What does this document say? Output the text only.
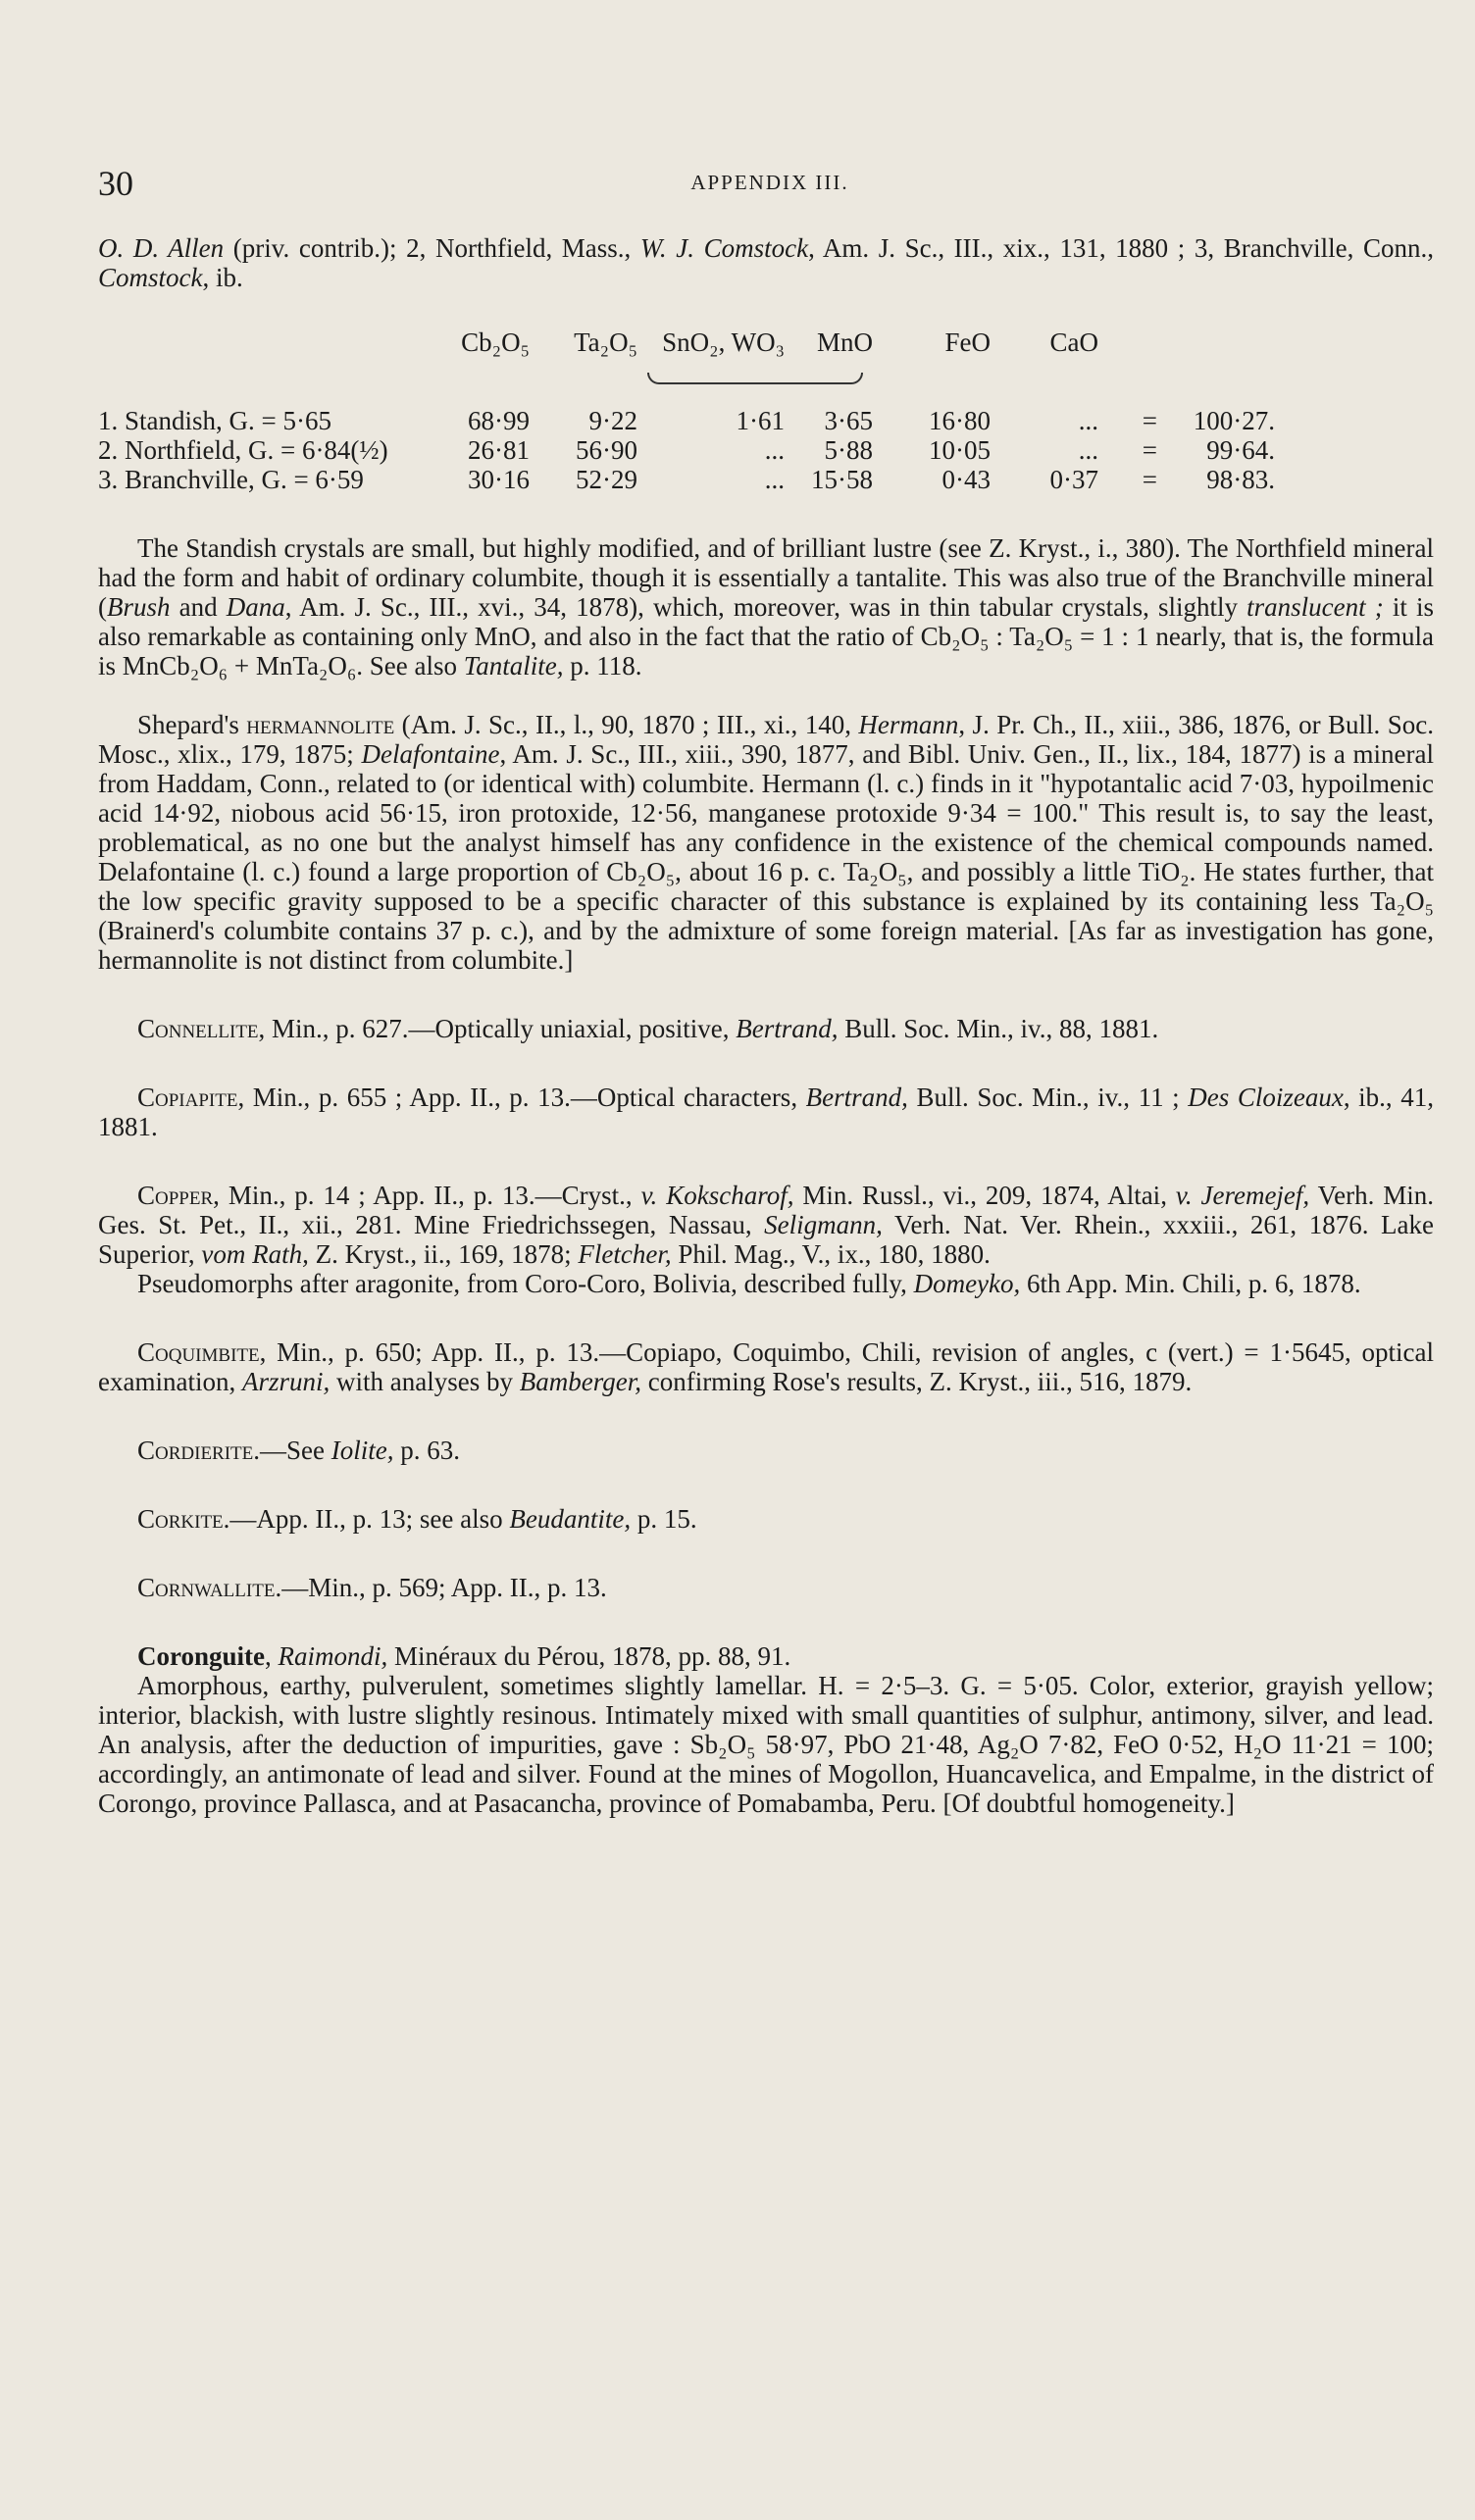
30	APPENDIX III.

O. D. Allen (priv. contrib.); 2, Northfield, Mass., W. J. Comstock, Am. J. Sc., III., xix., 131, 1880 ; 3, Branchville, Conn., Comstock, ib.

	Cb₂O₅	Ta₂O₅	SnO₂, WO₃	MnO	FeO	CaO		

1. Standish, G. = 5·65	68·99	9·22	1·61	3·65	16·80	...	=	100·27.
2. Northfield, G. = 6·84(½)	26·81	56·90	...	5·88	10·05	...	=	99·64.
3. Branchville, G. = 6·59	30·16	52·29	...	15·58	0·43	0·37	=	98·83.

The Standish crystals are small, but highly modified, and of brilliant lustre (see Z. Kryst., i., 380). The Northfield mineral had the form and habit of ordinary columbite, though it is essentially a tantalite. This was also true of the Branchville mineral (Brush and Dana, Am. J. Sc., III., xvi., 34, 1878), which, moreover, was in thin tabular crystals, slightly translucent ; it is also remarkable as containing only MnO, and also in the fact that the ratio of Cb₂O₅ : Ta₂O₅ = 1 : 1 nearly, that is, the formula is MnCb₂O₆ + MnTa₂O₆. See also Tantalite, p. 118.

Shepard's hermannolite (Am. J. Sc., II., l., 90, 1870 ; III., xi., 140, Hermann, J. Pr. Ch., II., xiii., 386, 1876, or Bull. Soc. Mosc., xlix., 179, 1875; Delafontaine, Am. J. Sc., III., xiii., 390, 1877, and Bibl. Univ. Gen., II., lix., 184, 1877) is a mineral from Haddam, Conn., related to (or identical with) columbite. Hermann (l. c.) finds in it "hypotantalic acid 7·03, hypoilmenic acid 14·92, niobous acid 56·15, iron protoxide, 12·56, manganese protoxide 9·34 = 100." This result is, to say the least, problematical, as no one but the analyst himself has any confidence in the existence of the chemical compounds named. Delafontaine (l. c.) found a large proportion of Cb₂O₅, about 16 p. c. Ta₂O₅, and possibly a little TiO₂. He states further, that the low specific gravity supposed to be a specific character of this substance is explained by its containing less Ta₂O₅ (Brainerd's columbite contains 37 p. c.), and by the admixture of some foreign material. [As far as investigation has gone, hermannolite is not distinct from columbite.]

Connellite, Min., p. 627.—Optically uniaxial, positive, Bertrand, Bull. Soc. Min., iv., 88, 1881.

Copiapite, Min., p. 655 ; App. II., p. 13.—Optical characters, Bertrand, Bull. Soc. Min., iv., 11 ; Des Cloizeaux, ib., 41, 1881.

Copper, Min., p. 14 ; App. II., p. 13.—Cryst., v. Kokscharof, Min. Russl., vi., 209, 1874, Altai, v. Jeremejef, Verh. Min. Ges. St. Pet., II., xii., 281. Mine Friedrichssegen, Nassau, Seligmann, Verh. Nat. Ver. Rhein., xxxiii., 261, 1876. Lake Superior, vom Rath, Z. Kryst., ii., 169, 1878; Fletcher, Phil. Mag., V., ix., 180, 1880.

Pseudomorphs after aragonite, from Coro-Coro, Bolivia, described fully, Domeyko, 6th App. Min. Chili, p. 6, 1878.

Coquimbite, Min., p. 650; App. II., p. 13.—Copiapo, Coquimbo, Chili, revision of angles, c (vert.) = 1·5645, optical examination, Arzruni, with analyses by Bamberger, confirming Rose's results, Z. Kryst., iii., 516, 1879.

Cordierite.—See Iolite, p. 63.

Corkite.—App. II., p. 13; see also Beudantite, p. 15.

Cornwallite.—Min., p. 569; App. II., p. 13.

Coronguite, Raimondi, Minéraux du Pérou, 1878, pp. 88, 91.

Amorphous, earthy, pulverulent, sometimes slightly lamellar. H. = 2·5–3. G. = 5·05. Color, exterior, grayish yellow; interior, blackish, with lustre slightly resinous. Intimately mixed with small quantities of sulphur, antimony, silver, and lead. An analysis, after the deduction of impurities, gave : Sb₂O₅ 58·97, PbO 21·48, Ag₂O 7·82, FeO 0·52, H₂O 11·21 = 100; accordingly, an antimonate of lead and silver. Found at the mines of Mogollon, Huancavelica, and Empalme, in the district of Corongo, province Pallasca, and at Pasacancha, province of Pomabamba, Peru. [Of doubtful homogeneity.]
